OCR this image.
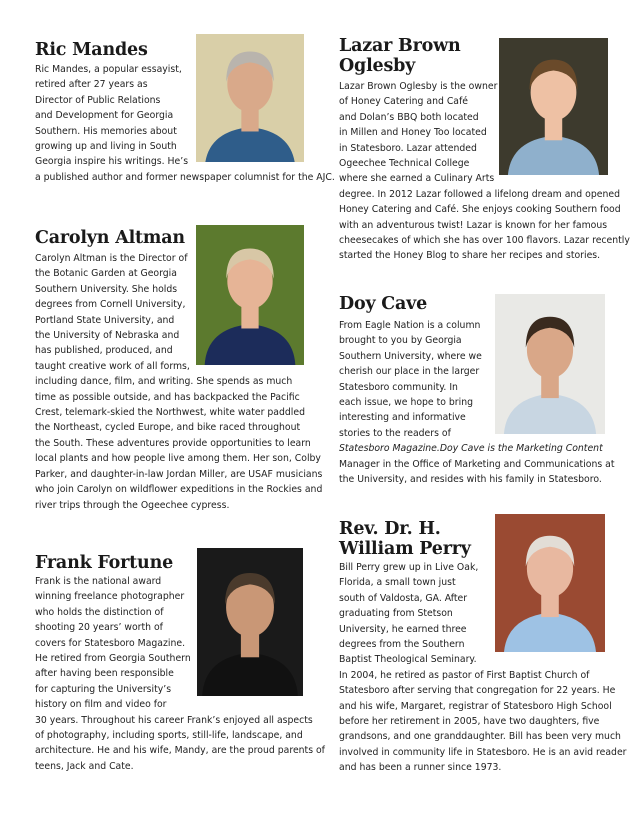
Ric Mandes
Ric Mandes, a popular essayist,
retired after 27 years as
Director of Public Relations
and Development for Georgia
Southern. His memories about
growing up and living in South
Georgia inspire his writings. He’s
a published author and former newspaper columnist for the AJC.
Carolyn Altman
Carolyn Altman is the Director of
the Botanic Garden at Georgia
Southern University. She holds
degrees from Cornell University,
Portland State University, and
the University of Nebraska and
has published, produced, and
taught creative work of all forms,
including dance, film, and writing. She spends as much
time as possible outside, and has backpacked the Pacific
Crest, telemark-skied the Northwest, white water paddled
the Northeast, cycled Europe, and bike raced throughout
the South. These adventures provide opportunities to learn
local plants and how people live among them. Her son, Colby
Parker, and daughter-in-law Jordan Miller, are USAF musicians
who join Carolyn on wildflower expeditions in the Rockies and
river trips through the Ogeechee cypress.
Frank Fortune
Frank is the national award
winning freelance photographer
who holds the distinction of
shooting 20 years’ worth of
covers for Statesboro Magazine.
He retired from Georgia Southern
after having been responsible
for capturing the University’s
history on film and video for
30 years. Throughout his career Frank’s enjoyed all aspects
of photography, including sports, still-life, landscape, and
architecture. He and his wife, Mandy, are the proud parents of
teens, Jack and Cate.
Lazar Brown
Oglesby
Lazar Brown Oglesby is the owner
of Honey Catering and Café
and Dolan’s BBQ both located
in Millen and Honey Too located
in Statesboro. Lazar attended
Ogeechee Technical College
where she earned a Culinary Arts
degree. In 2012 Lazar followed a lifelong dream and opened
Honey Catering and Café. She enjoys cooking Southern food
with an adventurous twist! Lazar is known for her famous
cheesecakes of which she has over 100 flavors. Lazar recently
started the Honey Blog to share her recipes and stories.
Doy Cave
From Eagle Nation is a column
brought to you by Georgia
Southern University, where we
cherish our place in the larger
Statesboro community. In
each issue, we hope to bring
interesting and informative
stories to the readers of
Statesboro Magazine.Doy Cave is the Marketing Content
Manager in the Office of Marketing and Communications at
the University, and resides with his family in Statesboro.
Rev. Dr. H.
William Perry
Bill Perry grew up in Live Oak,
Florida, a small town just
south of Valdosta, GA. After
graduating from Stetson
University, he earned three
degrees from the Southern
Baptist Theological Seminary.
In 2004, he retired as pastor of First Baptist Church of
Statesboro after serving that congregation for 22 years. He
and his wife, Margaret, registrar of Statesboro High School
before her retirement in 2005, have two daughters, five
grandsons, and one granddaughter. Bill has been very much
involved in community life in Statesboro. He is an avid reader
and has been a runner since 1973.
